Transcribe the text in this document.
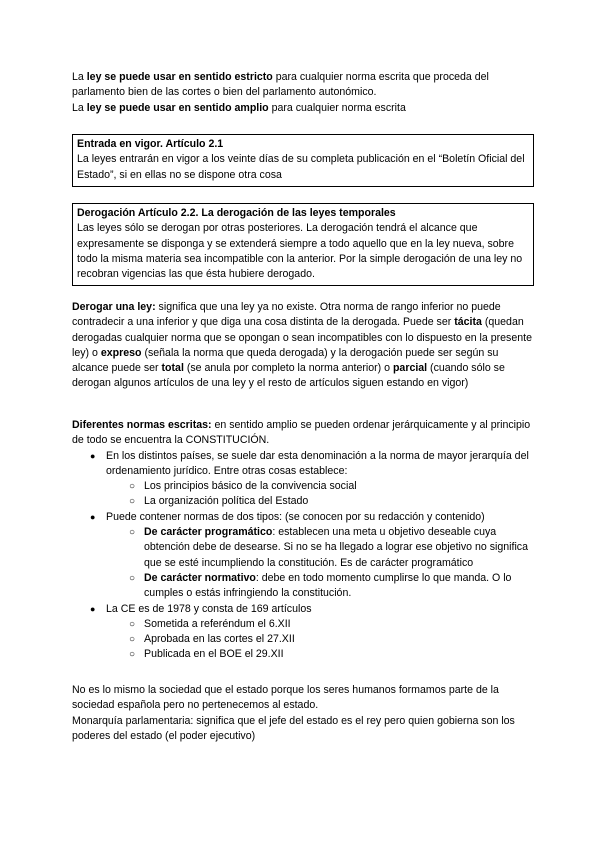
La ley se puede usar en sentido estricto para cualquier norma escrita que proceda del parlamento bien de las cortes o bien del parlamento autonómico.

La ley se puede usar en sentido amplio para cualquier norma escrita

Entrada en vigor. Artículo 2.1

La leyes entrarán en vigor a los veinte días de su completa publicación en el “Boletín Oficial del Estado”, si en ellas no se dispone otra cosa

Derogación Artículo 2.2. La derogación de las leyes temporales

Las leyes sólo se derogan por otras posteriores. La derogación tendrá el alcance que expresamente se disponga y se extenderá siempre a todo aquello que en la ley nueva, sobre todo la misma materia sea incompatible con la anterior. Por la simple derogación de una ley no recobran vigencias las que ésta hubiere derogado.

Derogar una ley: significa que una ley ya no existe. Otra norma de rango inferior no puede contradecir a una inferior y que diga una cosa distinta de la derogada. Puede ser tácita (quedan derogadas cualquier norma que se opongan o sean incompatibles con lo dispuesto en la presente ley) o expreso (señala la norma que queda derogada) y la derogación puede ser según su alcance puede ser total (se anula por completo la norma anterior) o parcial (cuando sólo se derogan algunos artículos de una ley y el resto de artículos siguen estando en vigor)

Diferentes normas escritas: en sentido amplio se pueden ordenar jerárquicamente y al principio de todo se encuentra la CONSTITUCIÓN.

● En los distintos países, se suele dar esta denominación a la norma de mayor jerarquía del ordenamiento jurídico. Entre otras cosas establece:
○ Los principios básico de la convivencia social
○ La organización política del Estado
● Puede contener normas de dos tipos: (se conocen por su redacción y contenido)
○ De carácter programático: establecen una meta u objetivo deseable cuya obtención debe de desearse. Si no se ha llegado a lograr ese objetivo no significa que se esté incumpliendo la constitución. Es de carácter programático
○ De carácter normativo: debe en todo momento cumplirse lo que manda. O lo cumples o estás infringiendo la constitución.
● La CE es de 1978 y consta de 169 artículos
○ Sometida a referéndum el 6.XII
○ Aprobada en las cortes el 27.XII
○ Publicada en el BOE el 29.XII

No es lo mismo la sociedad que el estado porque los seres humanos formamos parte de la sociedad española pero no pertenecemos al estado.

Monarquía parlamentaria: significa que el jefe del estado es el rey pero quien gobierna son los poderes del estado (el poder ejecutivo)
